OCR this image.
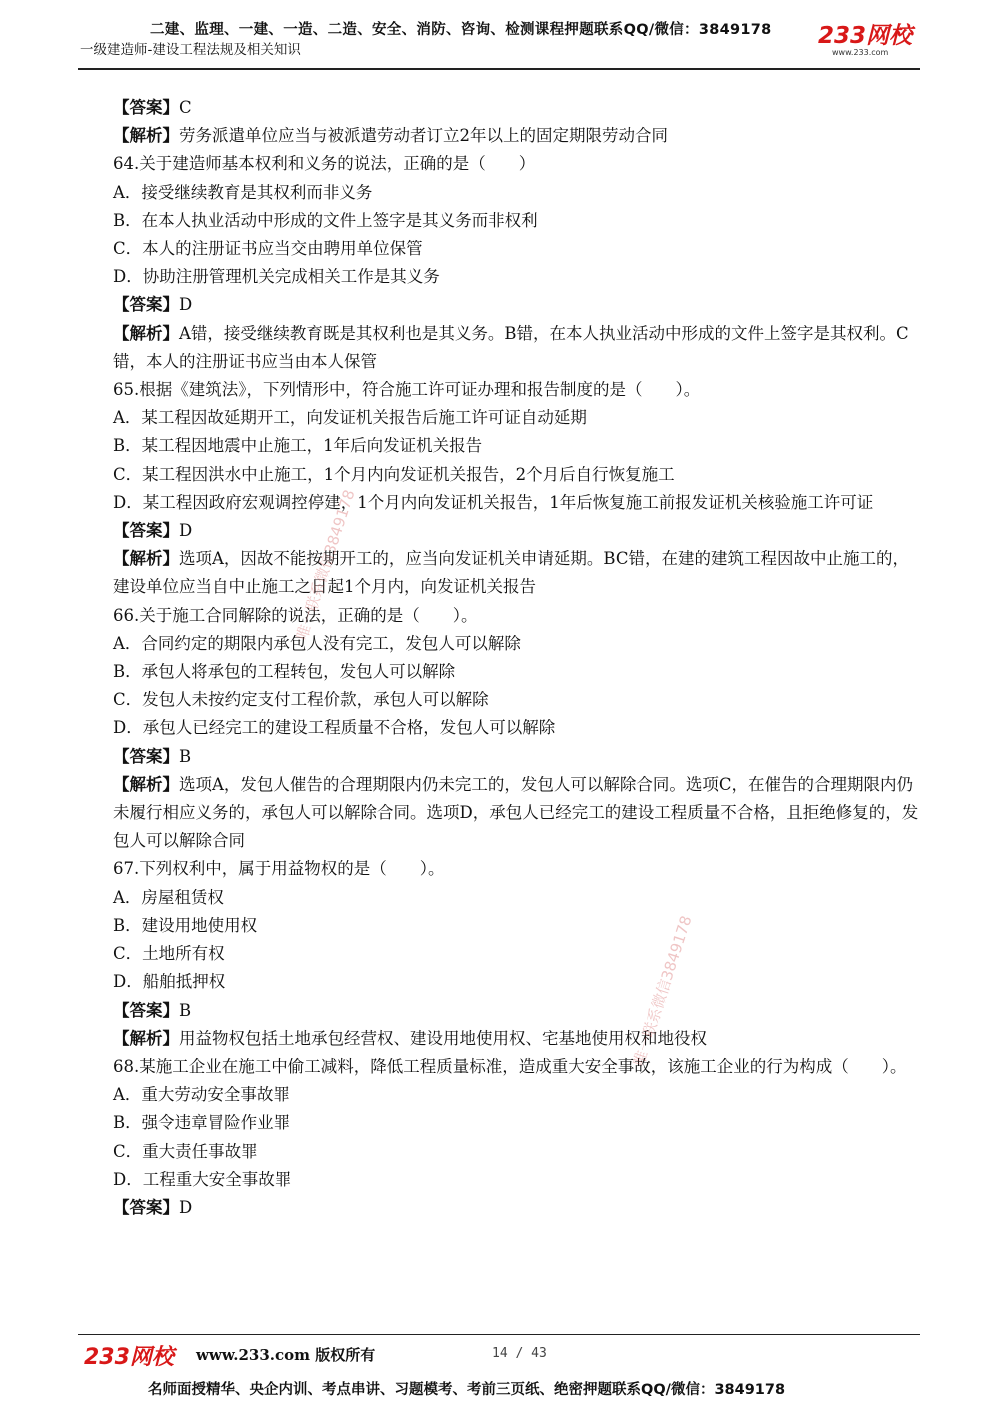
二建、监理、一建、一造、二造、安全、消防、咨询、检测课程押题联系QQ/微信：3849178
一级建造师-建设工程法规及相关知识
233网校
www.233.com

【答案】C

【解析】劳务派遣单位应当与被派遣劳动者订立2年以上的固定期限劳动合同

64.关于建造师基本权利和义务的说法，正确的是（　　）

A．接受继续教育是其权利而非义务

B．在本人执业活动中形成的文件上签字是其义务而非权利

C．本人的注册证书应当交由聘用单位保管

D．协助注册管理机关完成相关工作是其义务

【答案】D

【解析】A错，接受继续教育既是其权利也是其义务。B错，在本人执业活动中形成的文件上签字是其权利。C错，本人的注册证书应当由本人保管

65.根据《建筑法》，下列情形中，符合施工许可证办理和报告制度的是（　　）。

A．某工程因故延期开工，向发证机关报告后施工许可证自动延期

B．某工程因地震中止施工，1年后向发证机关报告

C．某工程因洪水中止施工，1个月内向发证机关报告，2个月后自行恢复施工

D．某工程因政府宏观调控停建，1个月内向发证机关报告，1年后恢复施工前报发证机关核验施工许可证

【答案】D

【解析】选项A，因故不能按期开工的，应当向发证机关申请延期。BC错，在建的建筑工程因故中止施工的，建设单位应当自中止施工之日起1个月内，向发证机关报告

66.关于施工合同解除的说法，正确的是（　　）。

A．合同约定的期限内承包人没有完工，发包人可以解除

B．承包人将承包的工程转包，发包人可以解除

C．发包人未按约定支付工程价款，承包人可以解除

D．承包人已经完工的建设工程质量不合格，发包人可以解除

【答案】B

【解析】选项A，发包人催告的合理期限内仍未完工的，发包人可以解除合同。选项C，在催告的合理期限内仍未履行相应义务的，承包人可以解除合同。选项D，承包人已经完工的建设工程质量不合格，且拒绝修复的，发包人可以解除合同

67.下列权利中，属于用益物权的是（　　）。

A．房屋租赁权

B．建设用地使用权

C．土地所有权

D．船舶抵押权

【答案】B

【解析】用益物权包括土地承包经营权、建设用地使用权、宅基地使用权和地役权

68.某施工企业在施工中偷工减料，降低工程质量标准，造成重大安全事故，该施工企业的行为构成（　　）。

A．重大劳动安全事故罪

B．强令违章冒险作业罪

C．重大责任事故罪

D．工程重大安全事故罪

【答案】D

唯一联系微信3849178
唯一联系微信3849178
233网校 www.233.com 版权所有	14 / 43
名师面授精华、央企内训、考点串讲、习题模考、考前三页纸、绝密押题联系QQ/微信：3849178
